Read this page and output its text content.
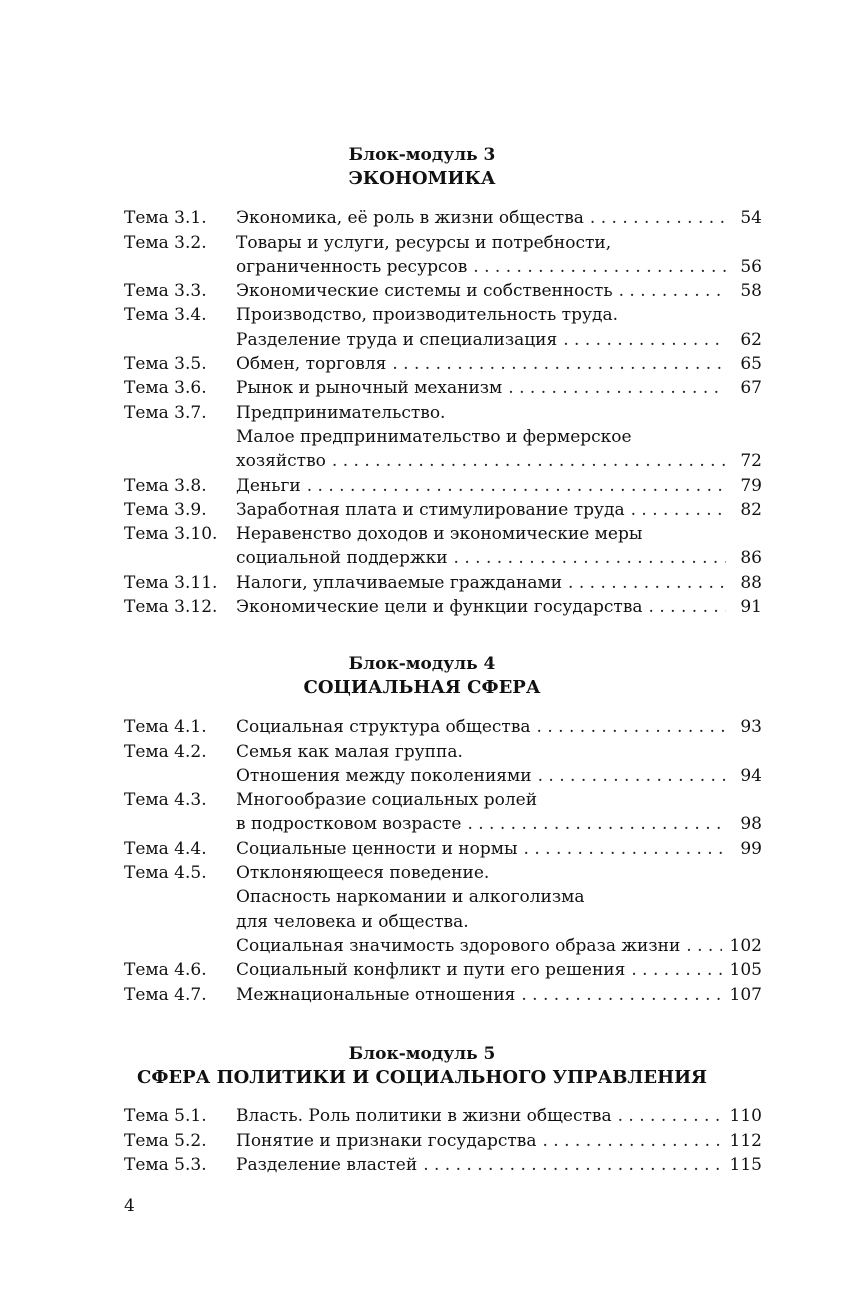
Блок-модуль 3
ЭКОНОМИКА
Тема 3.1.	Экономика, её роль в жизни общества . . .	54
Тема 3.2.	Товары и услуги, ресурсы и потребности,
ограниченность ресурсов . . .	56
Тема 3.3.	Экономические системы и собственность . . .	58
Тема 3.4.	Производство, производительность труда.
Разделение труда и специализация . . .	62
Тема 3.5.	Обмен, торговля . . .	65
Тема 3.6.	Рынок и рыночный механизм . . .	67
Тема 3.7.	Предпринимательство.
Малое предпринимательство и фермерское
хозяйство . . .	72
Тема 3.8.	Деньги . . .	79
Тема 3.9.	Заработная плата и стимулирование труда . . .	82
Тема 3.10.	Неравенство доходов и экономические меры
социальной поддержки . . .	86
Тема 3.11.	Налоги, уплачиваемые гражданами . . .	88
Тема 3.12.	Экономические цели и функции государства . . .	91
Блок-модуль 4
СОЦИАЛЬНАЯ СФЕРА
Тема 4.1.	Социальная структура общества . . .	93
Тема 4.2.	Семья как малая группа.
Отношения между поколениями . . .	94
Тема 4.3.	Многообразие социальных ролей
в подростковом возрасте . . .	98
Тема 4.4.	Социальные ценности и нормы . . .	99
Тема 4.5.	Отклоняющееся поведение.
Опасность наркомании и алкоголизма
для человека и общества.
Социальная значимость здорового образа жизни . . .	102
Тема 4.6.	Социальный конфликт и пути его решения . . .	105
Тема 4.7.	Межнациональные отношения . . .	107
Блок-модуль 5
СФЕРА ПОЛИТИКИ И СОЦИАЛЬНОГО УПРАВЛЕНИЯ
Тема 5.1.	Власть. Роль политики в жизни общества . . .	110
Тема 5.2.	Понятие и признаки государства . . .	112
Тема 5.3.	Разделение властей . . .	115
4
